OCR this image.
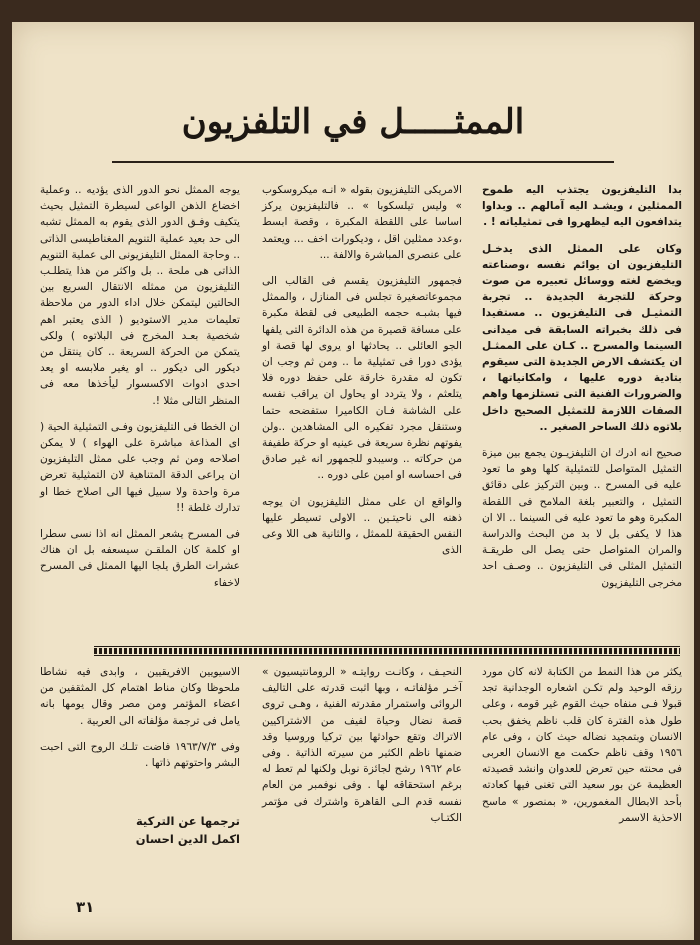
الممثـــــل في التلفزيون

بدا التليفزيون يجتذب اليه طموح الممثلين ، ويشـد اليه آمالهم .. وبداوا يتدافعون اليه ليظهروا فى تمثيلياته ! .

وكان على الممثل الذى يدخـل التليفزيون ان يوائم نفسه ،وصناعته ويخضع لغته ووسائل تعبيره من صوت وحركة للتجربة الجديدة .. تجربة التمثيـل فى التليفزيون .. مستفيدا فى ذلك بخبراته السابقة فى ميدانى السينما والمسرح .. كـان على الممثـل ان يكتشف الارض الجديدة التى سيقوم بتادية دوره عليها ، وامكانياتها ، والضرورات الفنية التى تستلزمها واهم الصفات اللازمة للتمثيل الصحيح داخل بلاتوه ذلك الساحر الصغير ..

صحيح انه ادرك ان التليفزيـون يجمع بين ميزة التمثيل المتواصل للتمثيلية كلها وهو ما تعود عليه فى المسرح .. وبين التركيز على دقائق التمثيل ، والتعبير بلغة الملامح فى اللقطة المكبرة وهو ما تعود عليه فى السينما .. الا ان هذا لا يكفى بل لا بد من البحث والدراسة والمران المتواصل حتى يصل الى طريقـة التمثيل المثلى فى التليفزيون .. وصـف احد مخرجى التليفزيون

الامريكى التليفزيون بقوله « انـه ميكروسكوب » وليس تيلسكوبا » .. فالتليفزيون يركز اساسا على اللقطة المكبرة ، وقصة ابسط ،وعدد ممثلين اقل ، وديكورات اخف ... ويعتمد على عنصرى المباشرة والالفة ...

فجمهور التليفزيون يقسم فى القالب الى مجموعاتصغيرة تجلس فى المنازل ، والممثل فيها بشبـه حجمه الطبيعى فى لقطة مكبرة على مسافة قصيرة من هذه الدائرة التى يلفها الجو العائلى .. يحادثها او يروى لها قصة او يؤدى دورا فى تمثيلية ما .. ومن ثم وجب ان تكون له مقدرة خارقة على حفظ دوره فلا يتلعثم ، ولا يتردد او يحاول ان يراقب نفسه على الشاشة فـان الكاميرا ستفضحه حتما وستنقل مجرد تفكيره الى المشاهدين ..ولن يفوتهم نظرة سريعة فى عينيه او حركة طفيفة من حركاته .. وسيبدو للجمهور انه غير صادق فى احساسه او امين على دوره ..

والواقع ان على ممثل التليفزيون ان يوجه ذهنه الى ناحيتـين .. الاولى تسيطر عليها النفس الحقيقة للممثل ، والثانية هى اللا وعى الذى

يوجه الممثل نحو الدور الذى يؤديه .. وعملية اخضاع الذهن الواعى لسيطرة التمثيل بحيث يتكيف وفـق الدور الذى يقوم به الممثل تشبه الى حد بعيد عملية التنويم المغناطيسى الذاتى .. وحاجة الممثل التليفزيونى الى عملية التنويم الذاتى هى ملحة .. بل واكثر من هذا يتطلـب التليفزيون من ممثله الانتقال السريع بين الحالتين ليتمكن خلال اداء الدور من ملاحظة تعليمات مدير الاستوديو ( الذى يعتبر اهم شخصية بعـد المخرج فى البلاتوه ) ولكى يتمكن من الحركة السريعة .. كان ينتقل من ديكور الى ديكور .. او يغير ملابسه او يعد احدى ادوات الاكسسوار ليأخذها معه فى المنظر التالى مثلا !.

ان الخطا فى التليفزيون وفـى التمثيلية الحية ( اى المذاعة مباشرة على الهواء ) لا يمكن اصلاحه ومن ثم وجب على ممثل التليفزيون ان يراعى الدقة المتناهية لان التمثيلية تعرض مرة واحدة ولا سبيل فيها الى اصلاح خطا او تدارك غلطة !!

فى المسرح يشعر الممثل انه اذا نسى سطرا او كلمة كان الملقـن سيسعفه بل ان هناك عشرات الطرق يلجا اليها الممثل فى المسرح لاخفاء

يكثر من هذا النمط من الكتابة لانه كان مورد رزقه الوحيد ولم تكـن اشعاره الوجدانية تجد قبولا فـى منفاه حيث القوم غير قومه ، وعلى طول هذه الفترة كان قلب ناظم يخفق بحب الانسان وبتمجيد نضاله حيث كان ، وفى عام ١٩٥٦ وقف ناظم حكمت مع الانسان العربى فى محنته حين تعرض للعدوان وانشد قصيدته العظيمة عن بور سعيد التى تغنى فيها كعادته بأحد الابطال المغمورين، « بمنصور » ماسح الاحذية الاسمر

النحيـف ، وكانـت روايتـه « الرومانتيسيون » آخـر مؤلفاتـه ، وبها اثبت قدرته على التاليف الروائى واستمرار مقدرته الفنية ، وهـى تروى قصة نضال وحياة لفيف من الاشتراكيين الاتراك وتقع حوادثها بين تركيا وروسيا وقد ضمنها ناظم الكثير من سيرته الذاتية . وفى عام ١٩٦٢ رشح لجائزة نوبل ولكنها لم تعط له برغم استحقاقه لها . وفى نوفمبر من العام نفسه قدم الـى القاهرة واشترك فى مؤتمر الكتـاب

الاسيويين الافريقيين ، وابدى فيه نشاطا ملحوظا وكان مناط اهتمام كل المثقفين من اعضاء المؤتمر ومن مصر وقال يومها بانه يامل فى ترجمة مؤلفاته الى العربية .

وفى ١٩٦٣/٧/٣ فاضت تلـك الروح التى احبت البشر واحتوتهم ذاتها .

ترجمها عن التركية
اكمل الدين احسان
٣١
